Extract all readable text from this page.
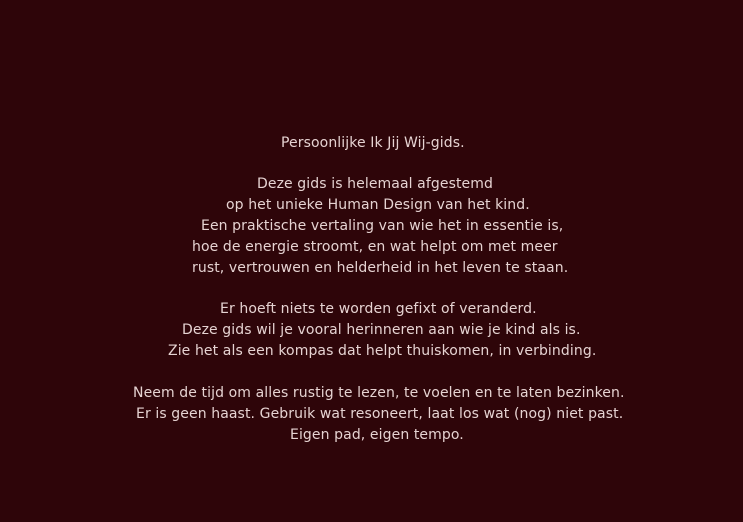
Persoonlijke Ik Jij Wij-gids.
Deze gids is helemaal afgestemd
op het unieke Human Design van het kind.
Een praktische vertaling van wie het in essentie is,
hoe de energie stroomt, en wat helpt om met meer
rust, vertrouwen en helderheid in het leven te staan.
Er hoeft niets te worden gefixt of veranderd.
Deze gids wil je vooral herinneren aan wie je kind als is.
Zie het als een kompas dat helpt thuiskomen, in verbinding.
Neem de tijd om alles rustig te lezen, te voelen en te laten bezinken.
Er is geen haast. Gebruik wat resoneert, laat los wat (nog) niet past.
Eigen pad, eigen tempo.
